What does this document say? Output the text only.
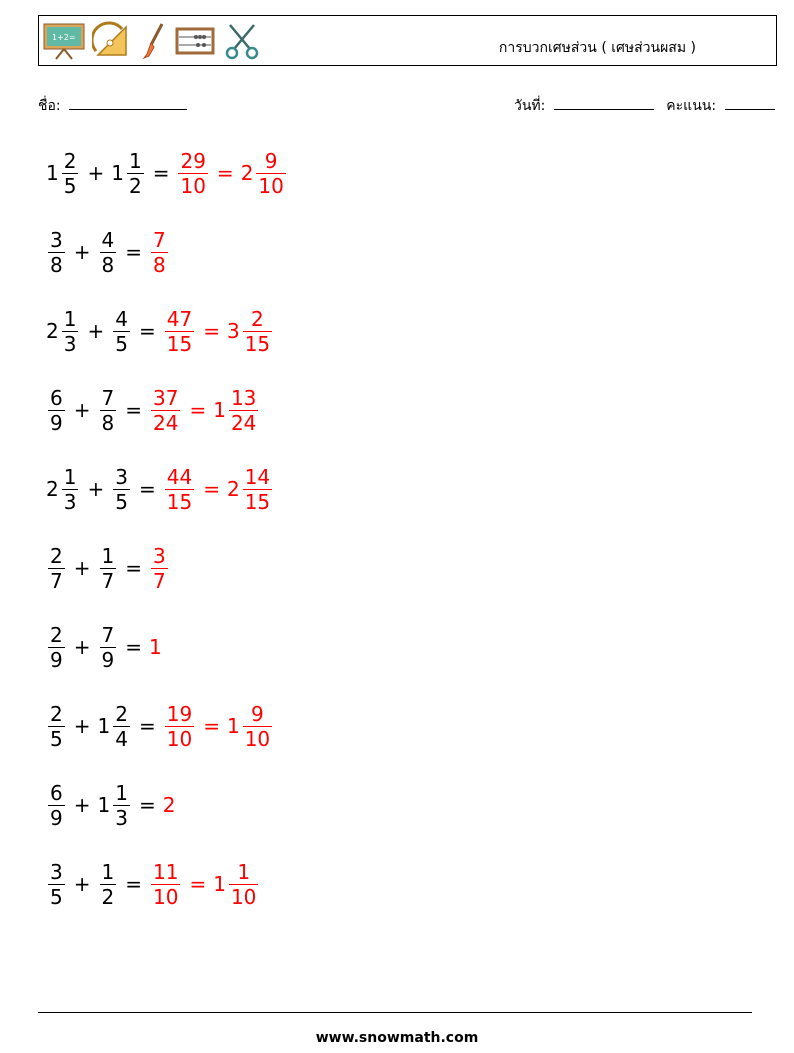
1+2=
การบวกเศษส่วน ( เศษส่วนผสม )
ชื่อ:	วันที่:	คะแนน:
$1 \frac{2}{5} + 1 \frac{1}{2} = \frac{29}{10} = 2 \frac{9}{10}$
$\frac{3}{8} + \frac{4}{8} = \frac{7}{8}$
$2 \frac{1}{3} + \frac{4}{5} = \frac{47}{15} = 3 \frac{2}{15}$
$\frac{6}{9} + \frac{7}{8} = \frac{37}{24} = 1 \frac{13}{24}$
$2 \frac{1}{3} + \frac{3}{5} = \frac{44}{15} = 2 \frac{14}{15}$
$\frac{2}{7} + \frac{1}{7} = \frac{3}{7}$
$\frac{2}{9} + \frac{7}{9} = 1$
$\frac{2}{5} + 1 \frac{2}{4} = \frac{19}{10} = 1 \frac{9}{10}$
$\frac{6}{9} + 1 \frac{1}{3} = 2$
$\frac{3}{5} + \frac{1}{2} = \frac{11}{10} = 1 \frac{1}{10}$
www.snowmath.com
